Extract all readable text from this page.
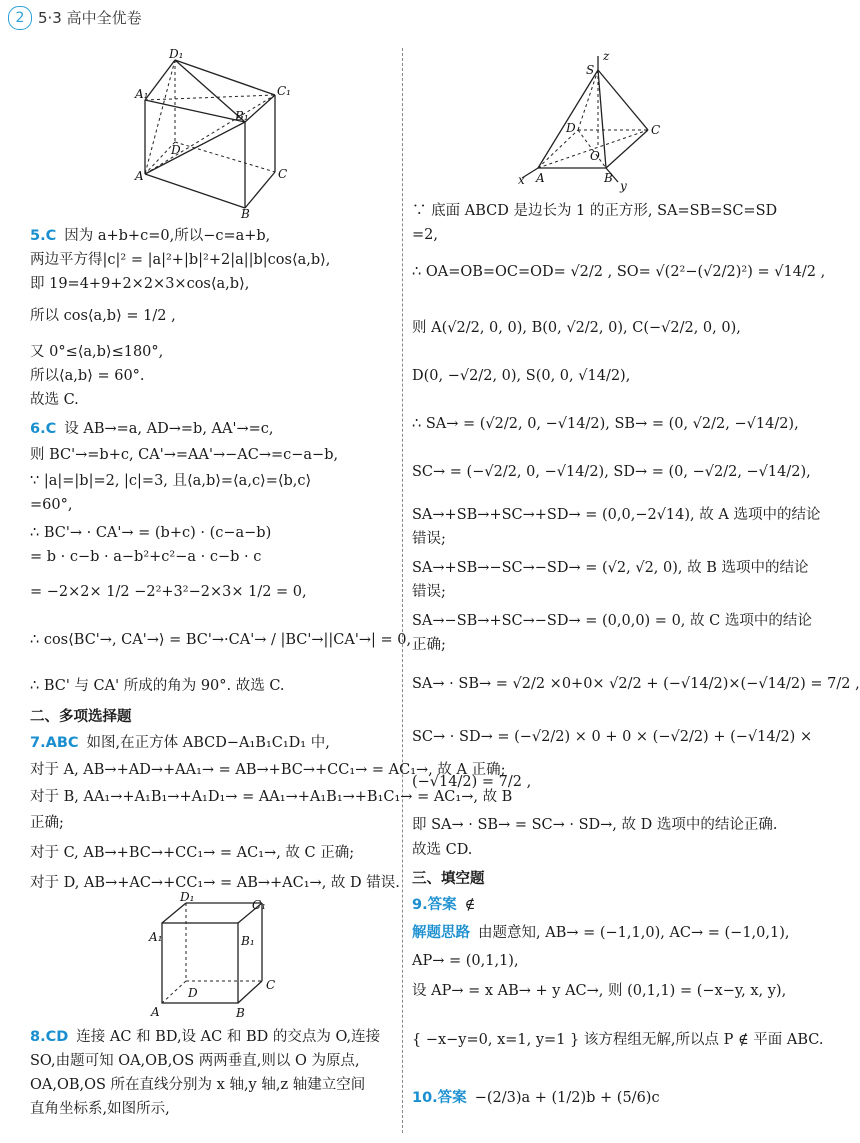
2 5·3 高中全优卷
5.C 因为 a+b+c=0,所以−c=a+b,
两边平方得|c|² = |a|²+|b|²+2|a||b|cos⟨a,b⟩,
即 19=4+9+2×2×3×cos⟨a,b⟩,
所以 cos⟨a,b⟩ = 1/2 ,
又 0°≤⟨a,b⟩≤180°,
所以⟨a,b⟩ = 60°.
故选 C.
6.C 设 AB→=a, AD→=b, AA'→=c,
则 BC'→=b+c, CA'→=AA'→−AC→=c−a−b,
∵ |a|=|b|=2, |c|=3, 且⟨a,b⟩=⟨a,c⟩=⟨b,c⟩
=60°,
∴ BC'→ · CA'→ = (b+c) · (c−a−b)
= b · c−b · a−b²+c²−a · c−b · c
= −2×2× 1/2 −2²+3²−2×3× 1/2 = 0,
∴ cos⟨BC'→, CA'→⟩ = BC'→·CA'→ / |BC'→||CA'→| = 0,
∴ BC' 与 CA' 所成的角为 90°. 故选 C.
二、多项选择题
7.ABC 如图,在正方体 ABCD−A₁B₁C₁D₁ 中,
对于 A, AB→+AD→+AA₁→ = AB→+BC→+CC₁→ = AC₁→, 故 A 正确;
对于 B, AA₁→+A₁B₁→+A₁D₁→ = AA₁→+A₁B₁→+B₁C₁→ = AC₁→, 故 B
正确;
对于 C, AB→+BC→+CC₁→ = AC₁→, 故 C 正确;
对于 D, AB→+AC→+CC₁→ = AB→+AC₁→, 故 D 错误.
8.CD 连接 AC 和 BD,设 AC 和 BD 的交点为 O,连接
SO,由题可知 OA,OB,OS 两两垂直,则以 O 为原点,
OA,OB,OS 所在直线分别为 x 轴,y 轴,z 轴建立空间
直角坐标系,如图所示,
∵ 底面 ABCD 是边长为 1 的正方形, SA=SB=SC=SD
=2,
∴ OA=OB=OC=OD= √2/2 , SO= √(2²−(√2/2)²) = √14/2 ,
则 A(√2/2, 0, 0), B(0, √2/2, 0), C(−√2/2, 0, 0),
D(0, −√2/2, 0), S(0, 0, √14/2),
∴ SA→ = (√2/2, 0, −√14/2), SB→ = (0, √2/2, −√14/2),
SC→ = (−√2/2, 0, −√14/2), SD→ = (0, −√2/2, −√14/2),
SA→+SB→+SC→+SD→ = (0,0,−2√14), 故 A 选项中的结论
错误;
SA→+SB→−SC→−SD→ = (√2, √2, 0), 故 B 选项中的结论
错误;
SA→−SB→+SC→−SD→ = (0,0,0) = 0, 故 C 选项中的结论
正确;
SA→ · SB→ = √2/2 ×0+0× √2/2 + (−√14/2)×(−√14/2) = 7/2 ,
SC→ · SD→ = (−√2/2) × 0 + 0 × (−√2/2) + (−√14/2) ×
(−√14/2) = 7/2 ,
即 SA→ · SB→ = SC→ · SD→, 故 D 选项中的结论正确.
故选 CD.
三、填空题
9.答案 ∉
解题思路 由题意知, AB→ = (−1,1,0), AC→ = (−1,0,1),
AP→ = (0,1,1),
设 AP→ = x AB→ + y AC→, 则 (0,1,1) = (−x−y, x, y),
{ −x−y=0, x=1, y=1 } 该方程组无解,所以点 P ∉ 平面 ABC.
10.答案 −(2/3)a + (1/2)b + (5/6)c
D₁
A₁	C₁
B₁
D
A	C
B
D₁
C₁
A₁	B₁
D
C
A	B
z
S
D	C
O
x A	B
y
